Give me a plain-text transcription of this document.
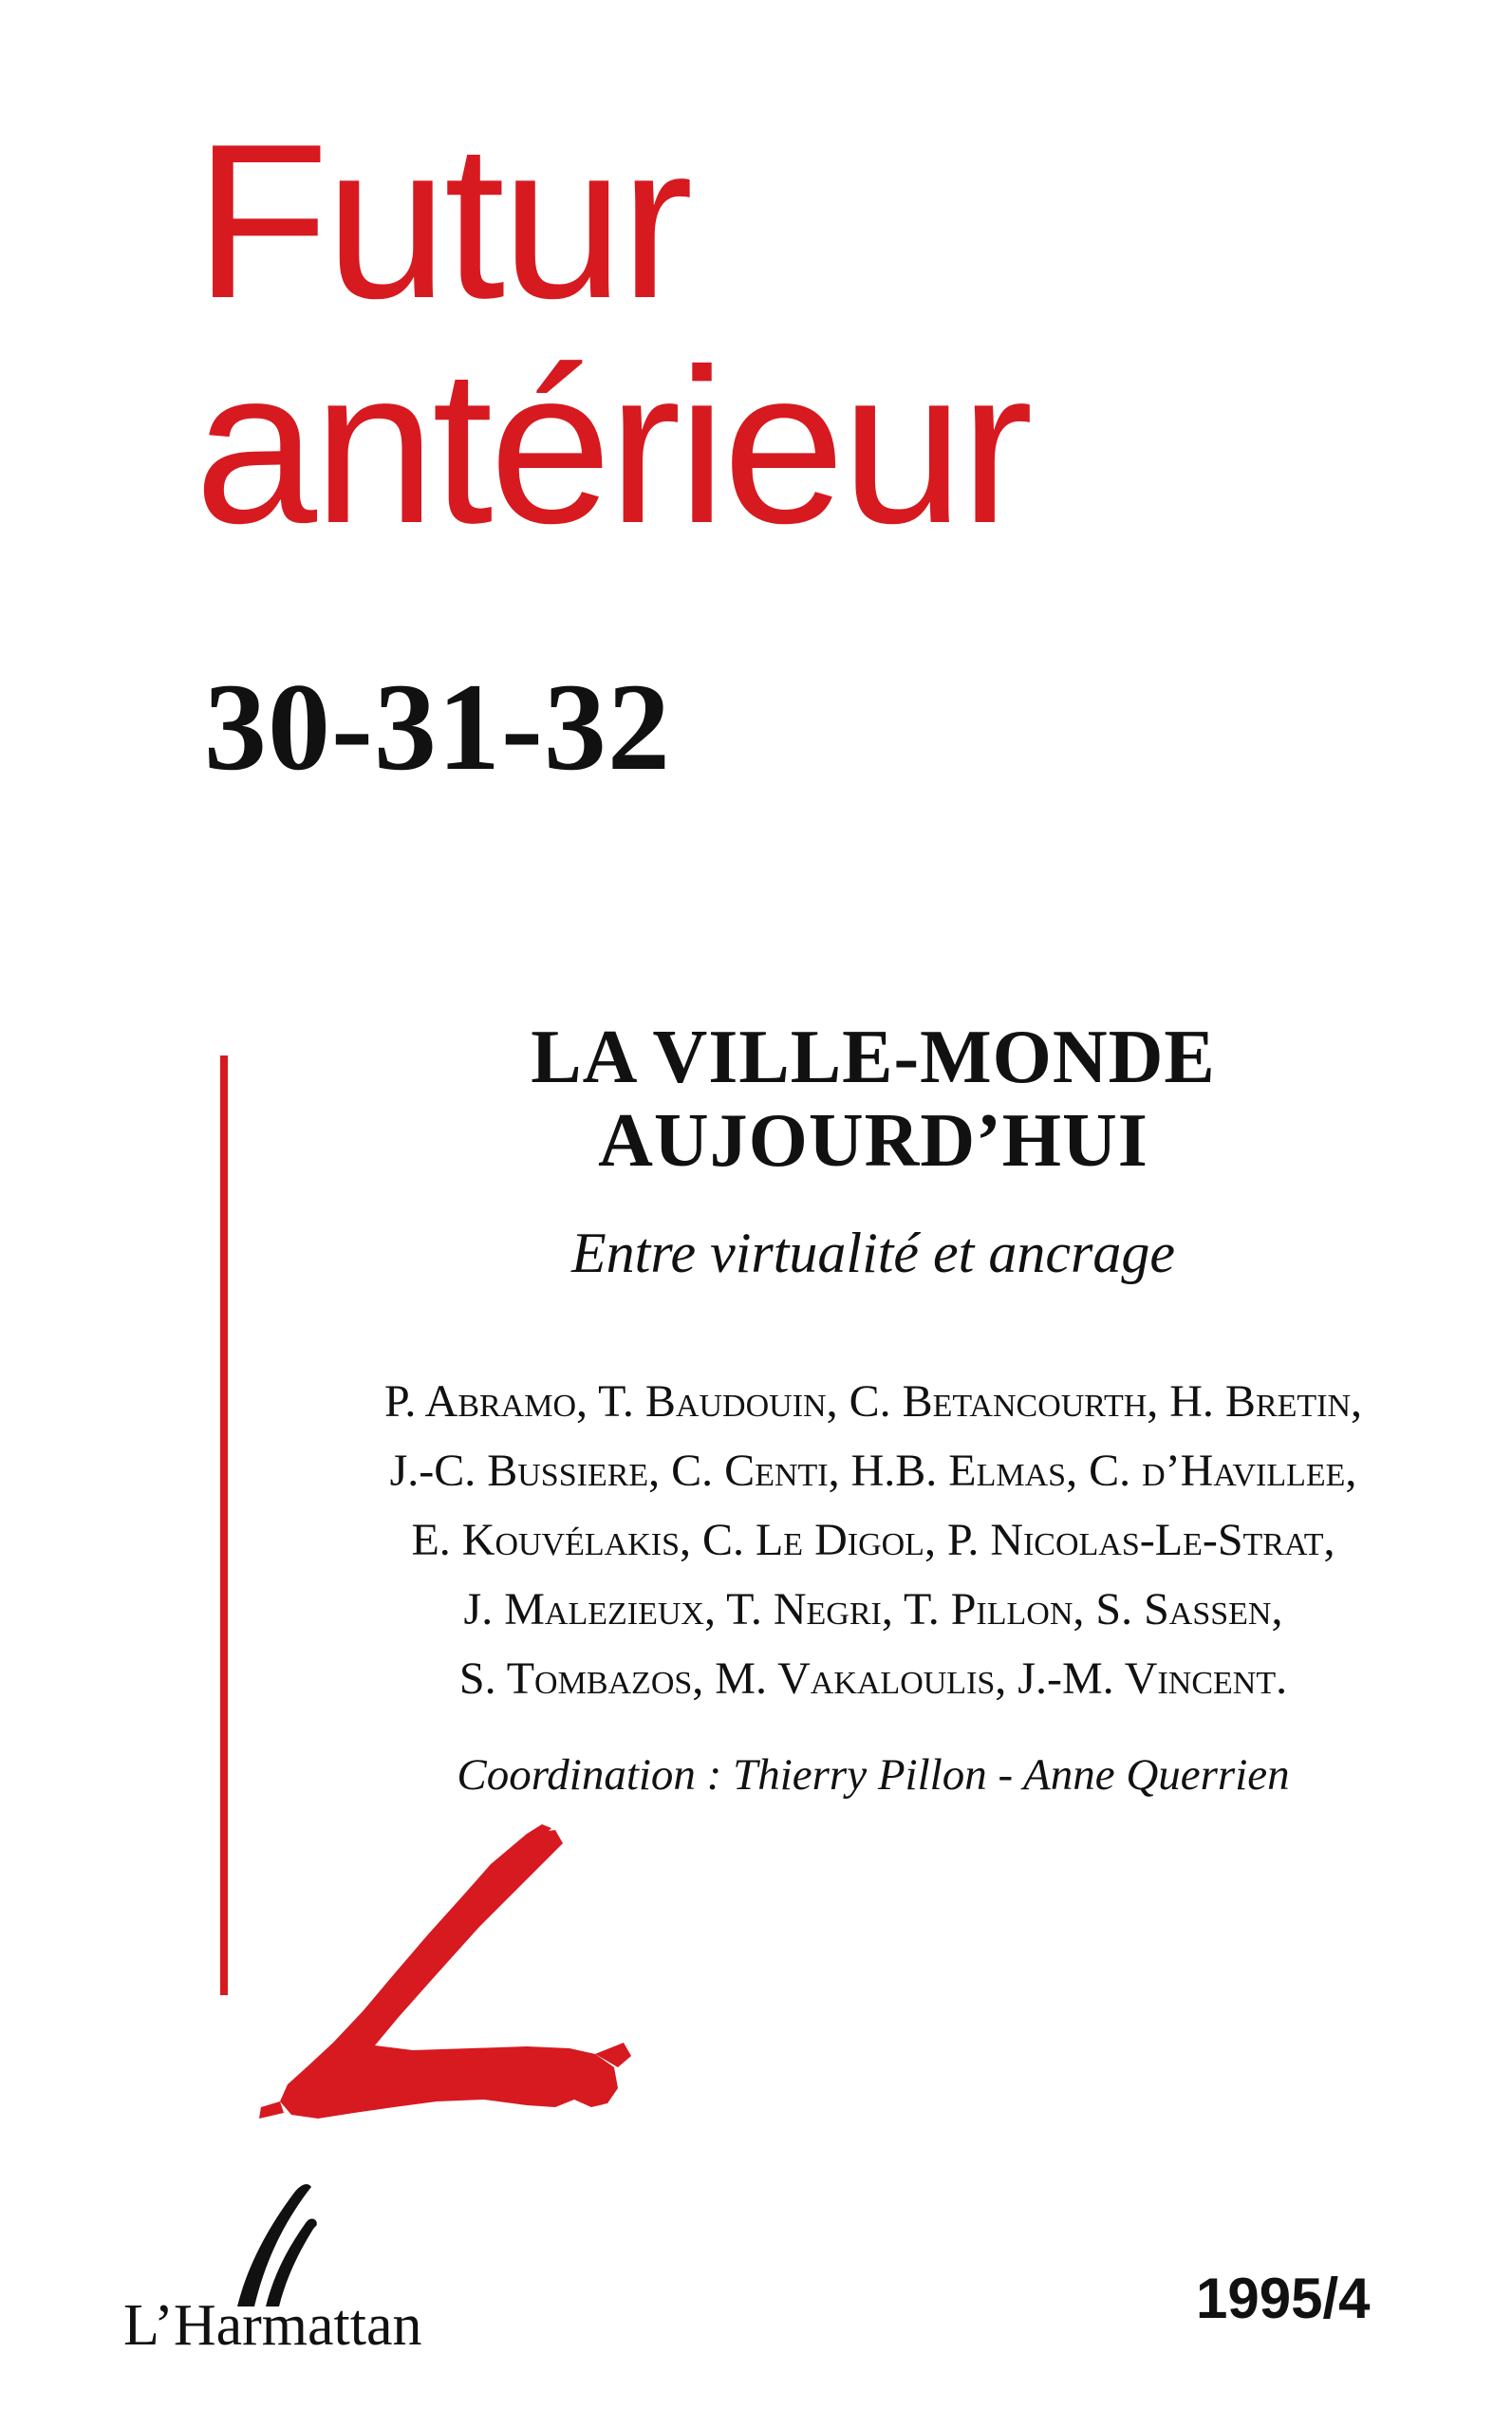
Futur
antérieur
30-31-32
LA VILLE-MONDE
AUJOURD’HUI
Entre virtualité et ancrage
P. Abramo, T. Baudouin, C. Betancourth, H. Bretin,
J.-C. Bussiere, C. Centi, H.B. Elmas, C. d’Havillee,
E. Kouvélakis, C. Le Digol, P. Nicolas-Le-Strat,
J. Malezieux, T. Negri, T. Pillon, S. Sassen,
S. Tombazos, M. Vakaloulis, J.-M. Vincent.
Coordination : Thierry Pillon - Anne Querrien
L’Harmattan	1995/4
